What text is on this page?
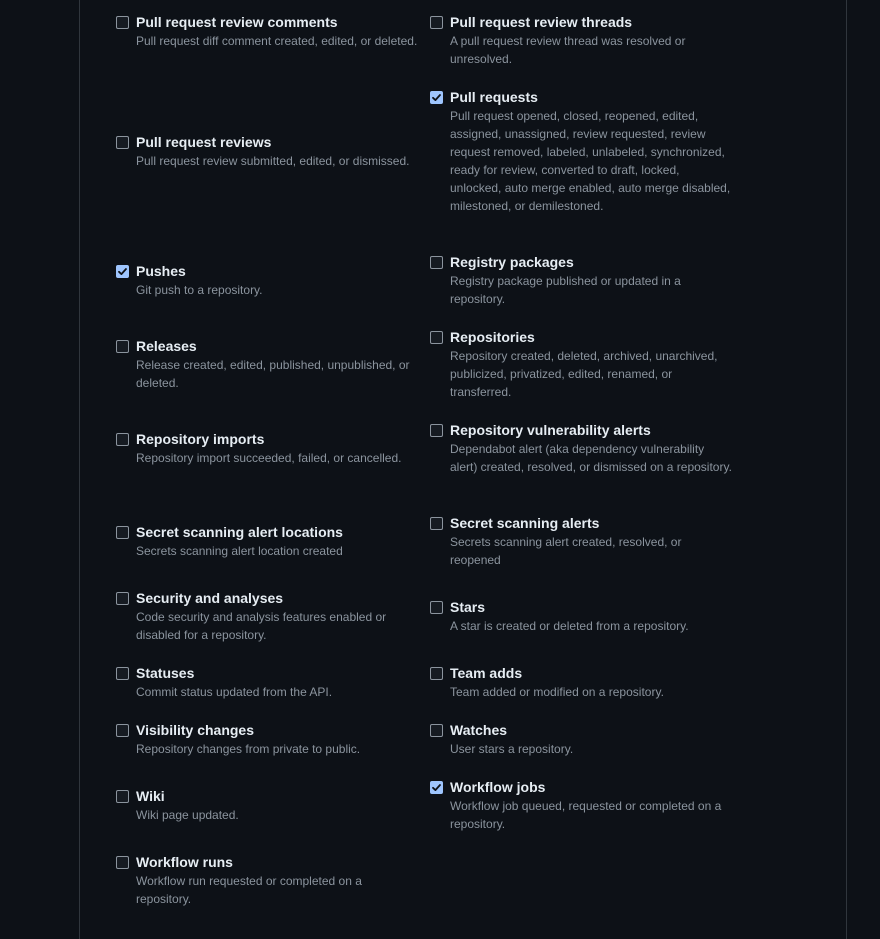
Pull request review comments
Pull request diff comment created, edited, or deleted.
Pull request review threads
A pull request review thread was resolved or unresolved.
Pull requests
Pull request opened, closed, reopened, edited, assigned, unassigned, review requested, review request removed, labeled, unlabeled, synchronized, ready for review, converted to draft, locked, unlocked, auto merge enabled, auto merge disabled, milestoned, or demilestoned.
Pull request reviews
Pull request review submitted, edited, or dismissed.
Pushes
Git push to a repository.
Registry packages
Registry package published or updated in a repository.
Releases
Release created, edited, published, unpublished, or deleted.
Repositories
Repository created, deleted, archived, unarchived, publicized, privatized, edited, renamed, or transferred.
Repository imports
Repository import succeeded, failed, or cancelled.
Repository vulnerability alerts
Dependabot alert (aka dependency vulnerability alert) created, resolved, or dismissed on a repository.
Secret scanning alert locations
Secrets scanning alert location created
Secret scanning alerts
Secrets scanning alert created, resolved, or reopened
Security and analyses
Code security and analysis features enabled or disabled for a repository.
Stars
A star is created or deleted from a repository.
Statuses
Commit status updated from the API.
Team adds
Team added or modified on a repository.
Visibility changes
Repository changes from private to public.
Watches
User stars a repository.
Wiki
Wiki page updated.
Workflow jobs
Workflow job queued, requested or completed on a repository.
Workflow runs
Workflow run requested or completed on a repository.
